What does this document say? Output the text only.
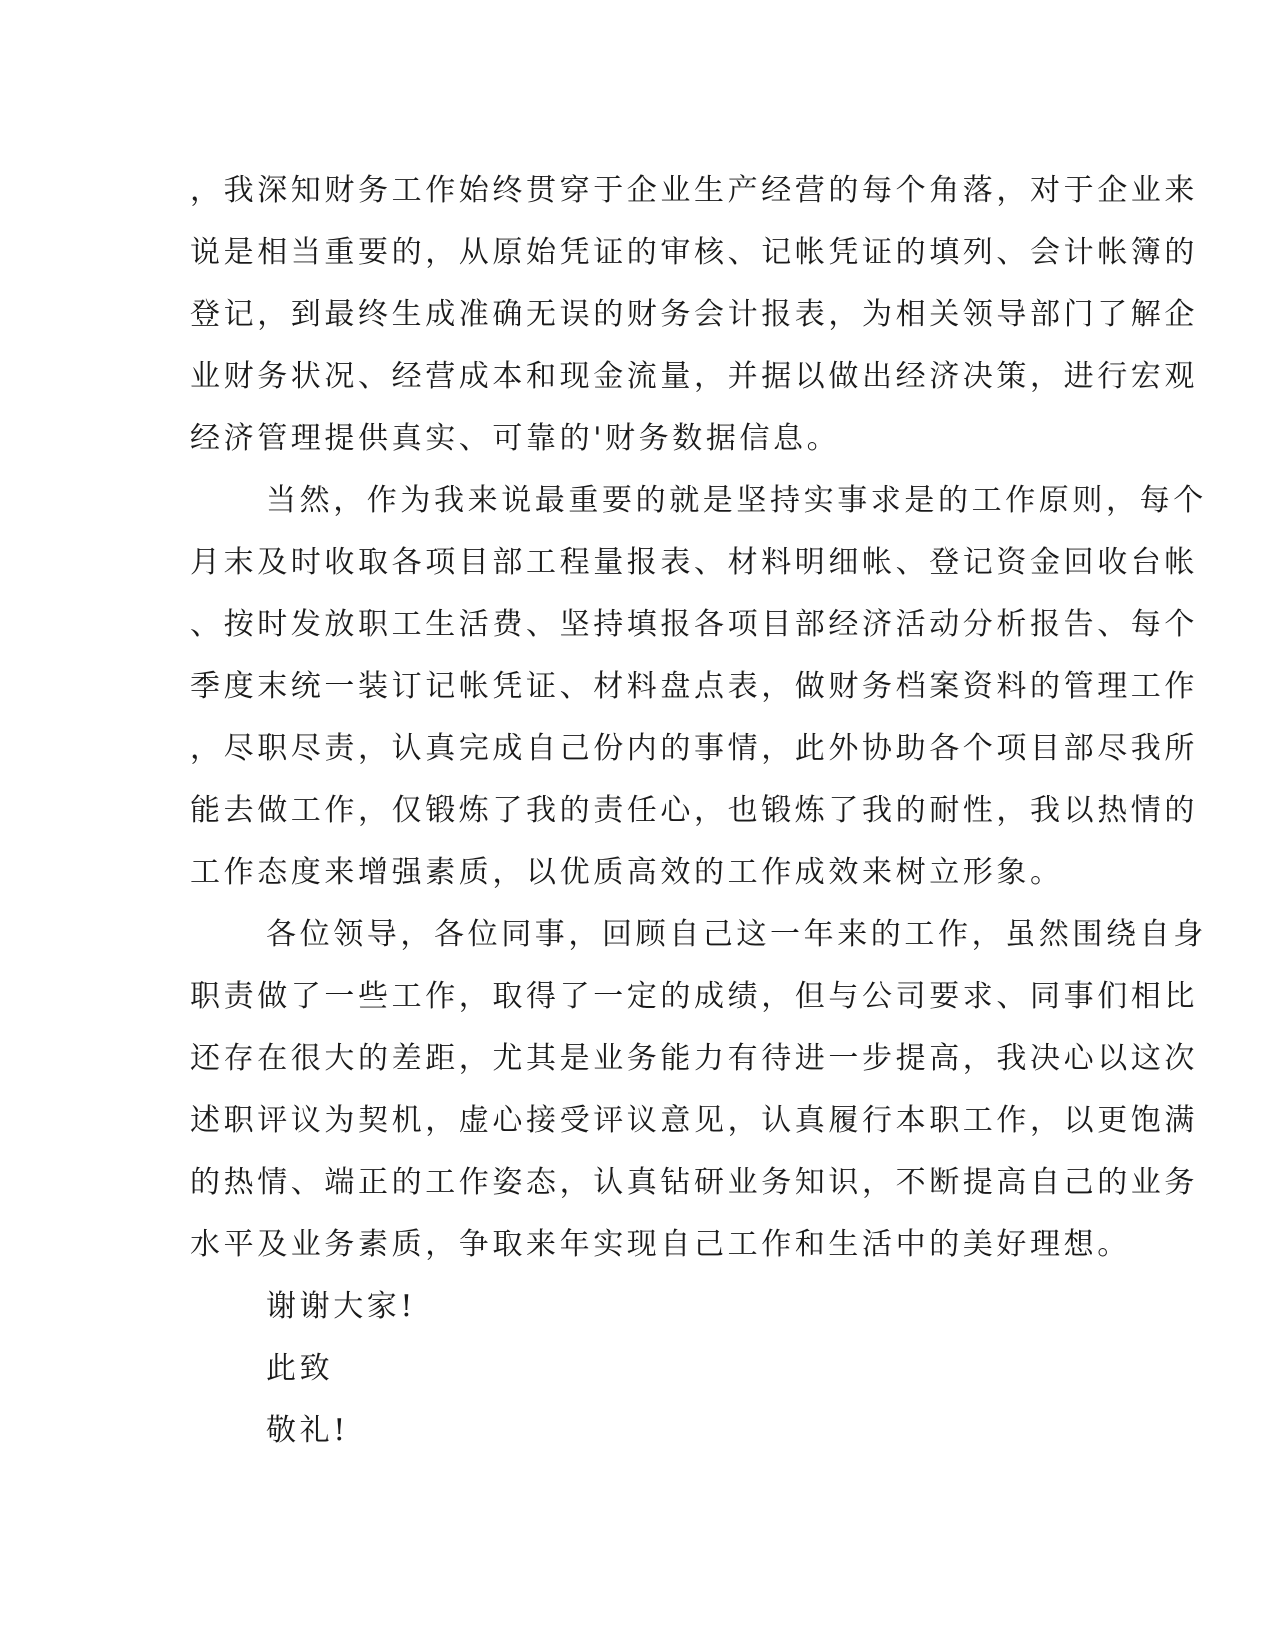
，我深知财务工作始终贯穿于企业生产经营的每个角落，对于企业来
说是相当重要的，从原始凭证的审核、记帐凭证的填列、会计帐簿的
登记，到最终生成准确无误的财务会计报表，为相关领导部门了解企
业财务状况、经营成本和现金流量，并据以做出经济决策，进行宏观
经济管理提供真实、可靠的'财务数据信息。
当然，作为我来说最重要的就是坚持实事求是的工作原则，每个
月末及时收取各项目部工程量报表、材料明细帐、登记资金回收台帐
、按时发放职工生活费、坚持填报各项目部经济活动分析报告、每个
季度末统一装订记帐凭证、材料盘点表，做财务档案资料的管理工作
，尽职尽责，认真完成自己份内的事情，此外协助各个项目部尽我所
能去做工作，仅锻炼了我的责任心，也锻炼了我的耐性，我以热情的
工作态度来增强素质，以优质高效的工作成效来树立形象。
各位领导，各位同事，回顾自己这一年来的工作，虽然围绕自身
职责做了一些工作，取得了一定的成绩，但与公司要求、同事们相比
还存在很大的差距，尤其是业务能力有待进一步提高，我决心以这次
述职评议为契机，虚心接受评议意见，认真履行本职工作，以更饱满
的热情、端正的工作姿态，认真钻研业务知识，不断提高自己的业务
水平及业务素质，争取来年实现自己工作和生活中的美好理想。
谢谢大家!
此致
敬礼!
